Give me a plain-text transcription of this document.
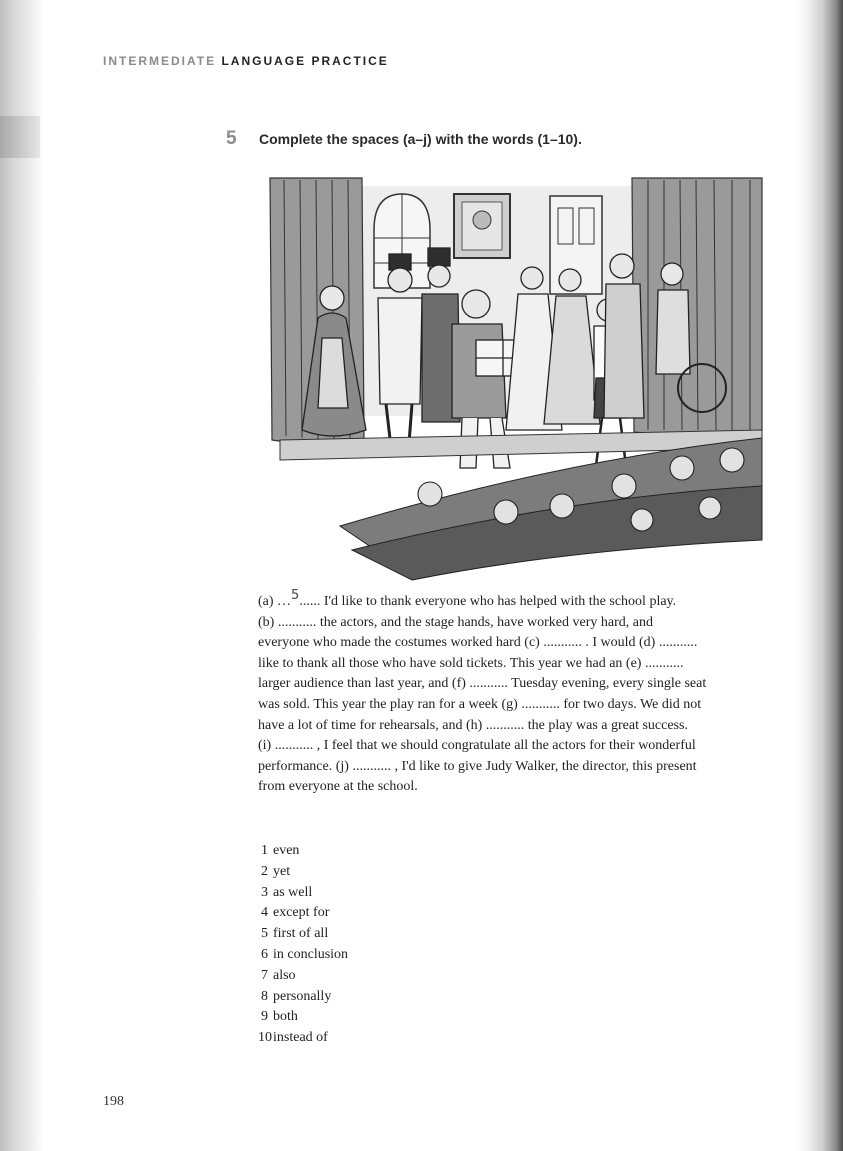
INTERMEDIATE LANGUAGE PRACTICE

5 Complete the spaces (a–j) with the words (1–10).

(a) …5...... I'd like to thank everyone who has helped with the school play.
(b) ........... the actors, and the stage hands, have worked very hard, and
everyone who made the costumes worked hard (c) ........... . I would (d) ...........
like to thank all those who have sold tickets. This year we had an (e) ...........
larger audience than last year, and (f) ........... Tuesday evening, every single seat
was sold. This year the play ran for a week (g) ........... for two days. We did not
have a lot of time for rehearsals, and (h) ........... the play was a great success.
(i) ........... , I feel that we should congratulate all the actors for their wonderful
performance. (j) ........... , I'd like to give Judy Walker, the director, this present
from everyone at the school.
1 even
2 yet
3 as well
4 except for
5 first of all
6 in conclusion
7 also
8 personally
9 both
10instead of
198
